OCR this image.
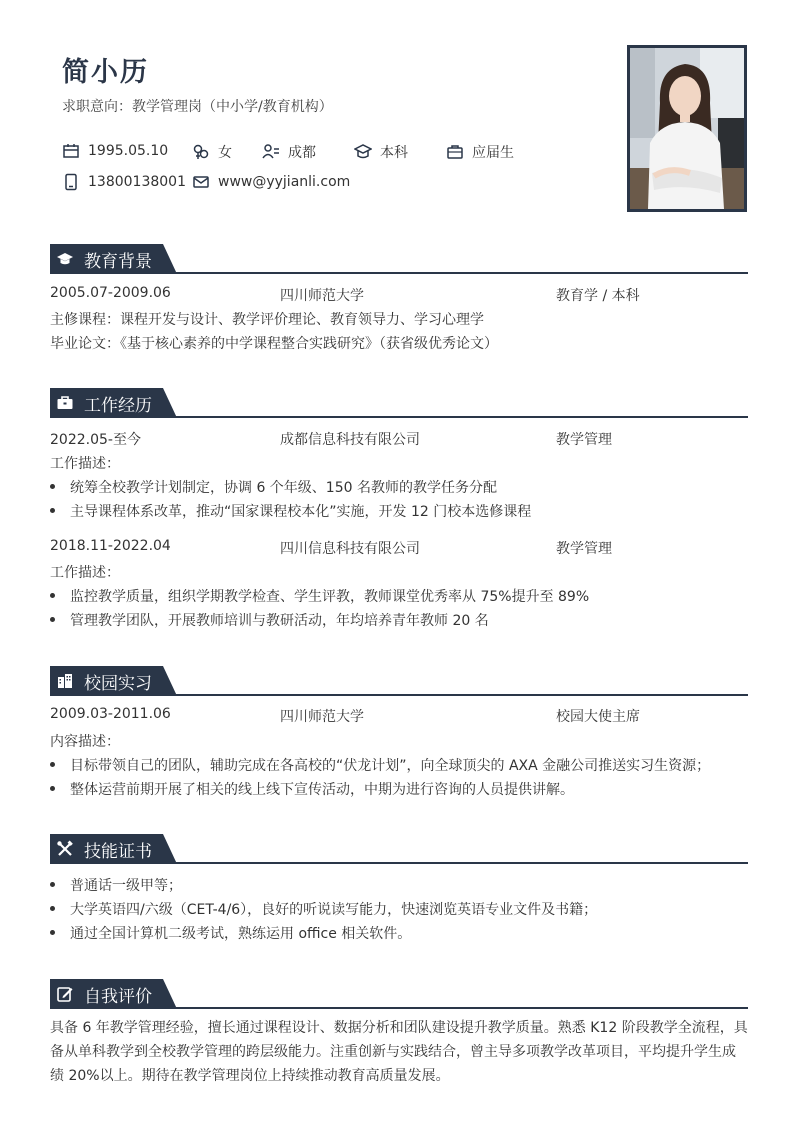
简小历
求职意向：教学管理岗（中小学/教育机构）
1995.05.10	女	成都	本科	应届生
13800138001 www@yyjianli.com
教育背景
2005.07-2009.06	四川师范大学	教育学 / 本科
主修课程：课程开发与设计、教学评价理论、教育领导力、学习心理学
毕业论文：《基于核心素养的中学课程整合实践研究》（获省级优秀论文）
工作经历
2022.05-至今	成都信息科技有限公司	教学管理
工作描述：
统筹全校教学计划制定，协调 6 个年级、150 名教师的教学任务分配
主导课程体系改革，推动“国家课程校本化”实施，开发 12 门校本选修课程
2018.11-2022.04	四川信息科技有限公司	教学管理
工作描述：
监控教学质量，组织学期教学检查、学生评教，教师课堂优秀率从 75%提升至 89%
管理教学团队，开展教师培训与教研活动，年均培养青年教师 20 名
校园实习
2009.03-2011.06	四川师范大学	校园大使主席
内容描述：
目标带领自己的团队，辅助完成在各高校的“伏龙计划”，向全球顶尖的 AXA 金融公司推送实习生资源；
整体运营前期开展了相关的线上线下宣传活动，中期为进行咨询的人员提供讲解。
技能证书
普通话一级甲等；
大学英语四/六级（CET-4/6），良好的听说读写能力，快速浏览英语专业文件及书籍；
通过全国计算机二级考试，熟练运用 office 相关软件。
自我评价
具备 6 年教学管理经验，擅长通过课程设计、数据分析和团队建设提升教学质量。熟悉 K12 阶段教学全流程，具备从单科教学到全校教学管理的跨层级能力。注重创新与实践结合，曾主导多项教学改革项目，平均提升学生成绩 20%以上。期待在教学管理岗位上持续推动教育高质量发展。
